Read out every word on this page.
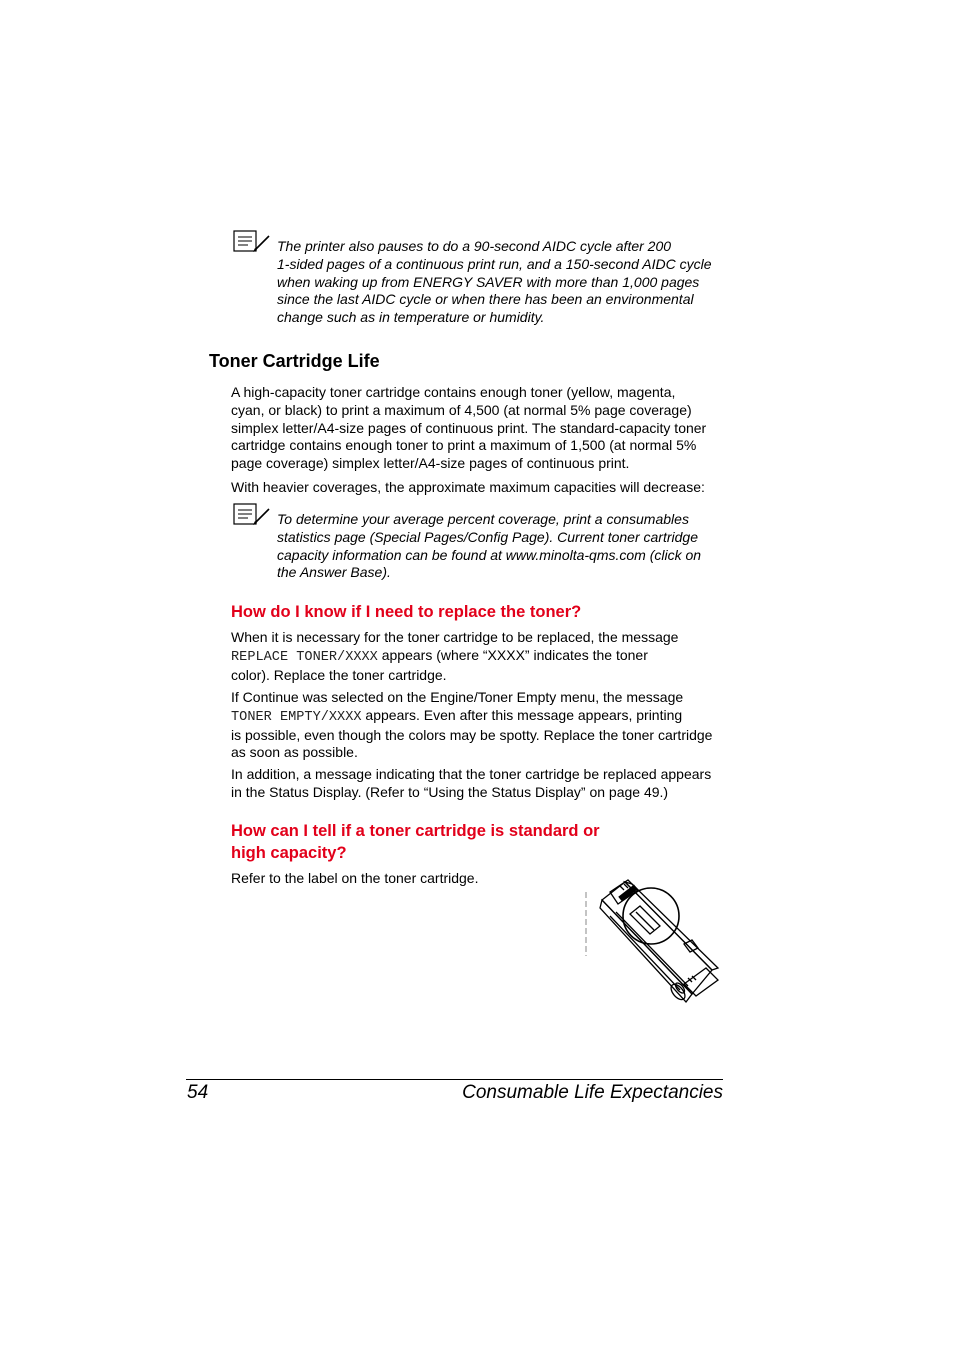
The printer also pauses to do a 90-second AIDC cycle after 200
1-sided pages of a continuous print run, and a 150-second AIDC cycle
when waking up from ENERGY SAVER with more than 1,000 pages
since the last AIDC cycle or when there has been an environmental
change such as in temperature or humidity.
Toner Cartridge Life
A high-capacity toner cartridge contains enough toner (yellow, magenta,
cyan, or black) to print a maximum of 4,500 (at normal 5% page coverage)
simplex letter/A4-size pages of continuous print. The standard-capacity toner
cartridge contains enough toner to print a maximum of 1,500 (at normal 5%
page coverage) simplex letter/A4-size pages of continuous print.
With heavier coverages, the approximate maximum capacities will decrease:
To determine your average percent coverage, print a consumables
statistics page (Special Pages/Config Page). Current toner cartridge
capacity information can be found at www.minolta-qms.com (click on
the Answer Base).
How do I know if I need to replace the toner?
When it is necessary for the toner cartridge to be replaced, the message
REPLACE TONER/XXXX appears (where “XXXX” indicates the toner
color). Replace the toner cartridge.
If Continue was selected on the Engine/Toner Empty menu, the message
TONER EMPTY/XXXX appears. Even after this message appears, printing
is possible, even though the colors may be spotty. Replace the toner cartridge
as soon as possible.
In addition, a message indicating that the toner cartridge be replaced appears
in the Status Display. (Refer to “Using the Status Display” on page 49.)
How can I tell if a toner cartridge is standard or
high capacity?
Refer to the label on the toner cartridge.
54	Consumable Life Expectancies
